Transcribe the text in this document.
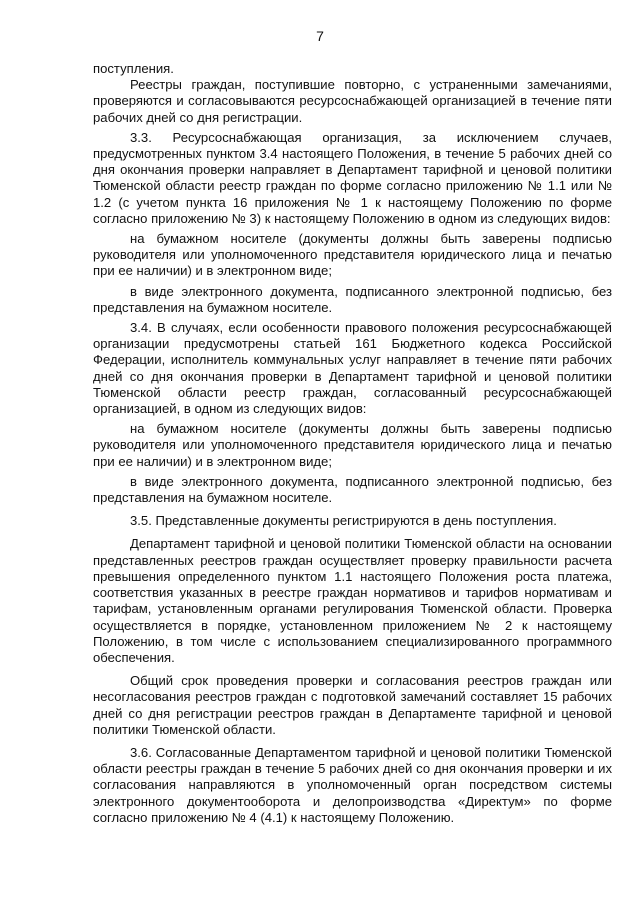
7

поступления.

Реестры граждан, поступившие повторно, с устраненными замечаниями, проверяются и согласовываются ресурсоснабжающей организацией в течение пяти рабочих дней со дня регистрации.

3.3. Ресурсоснабжающая организация, за исключением случаев, предусмотренных пунктом 3.4 настоящего Положения, в течение 5 рабочих дней со дня окончания проверки направляет в Департамент тарифной и ценовой политики Тюменской области реестр граждан по форме согласно приложению № 1.1 или № 1.2 (с учетом пункта 16 приложения № 1 к настоящему Положению по форме согласно приложению № 3) к настоящему Положению в одном из следующих видов:

на бумажном носителе (документы должны быть заверены подписью руководителя или уполномоченного представителя юридического лица и печатью при ее наличии) и в электронном виде;

в виде электронного документа, подписанного электронной подписью, без представления на бумажном носителе.

3.4. В случаях, если особенности правового положения ресурсоснабжающей организации предусмотрены статьей 161 Бюджетного кодекса Российской Федерации, исполнитель коммунальных услуг направляет в течение пяти рабочих дней со дня окончания проверки в Департамент тарифной и ценовой политики Тюменской области реестр граждан, согласованный ресурсоснабжающей организацией, в одном из следующих видов:

на бумажном носителе (документы должны быть заверены подписью руководителя или уполномоченного представителя юридического лица и печатью при ее наличии) и в электронном виде;

в виде электронного документа, подписанного электронной подписью, без представления на бумажном носителе.

3.5. Представленные документы регистрируются в день поступления.

Департамент тарифной и ценовой политики Тюменской области на основании представленных реестров граждан осуществляет проверку правильности расчета превышения определенного пунктом 1.1 настоящего Положения роста платежа, соответствия указанных в реестре граждан нормативов и тарифов нормативам и тарифам, установленным органами регулирования Тюменской области. Проверка осуществляется в порядке, установленном приложением № 2 к настоящему Положению, в том числе с использованием специализированного программного обеспечения.

Общий срок проведения проверки и согласования реестров граждан или несогласования реестров граждан с подготовкой замечаний составляет 15 рабочих дней со дня регистрации реестров граждан в Департаменте тарифной и ценовой политики Тюменской области.

3.6. Согласованные Департаментом тарифной и ценовой политики Тюменской области реестры граждан в течение 5 рабочих дней со дня окончания проверки и их согласования направляются в уполномоченный орган посредством системы электронного документооборота и делопроизводства «Директум» по форме согласно приложению № 4 (4.1) к настоящему Положению.
